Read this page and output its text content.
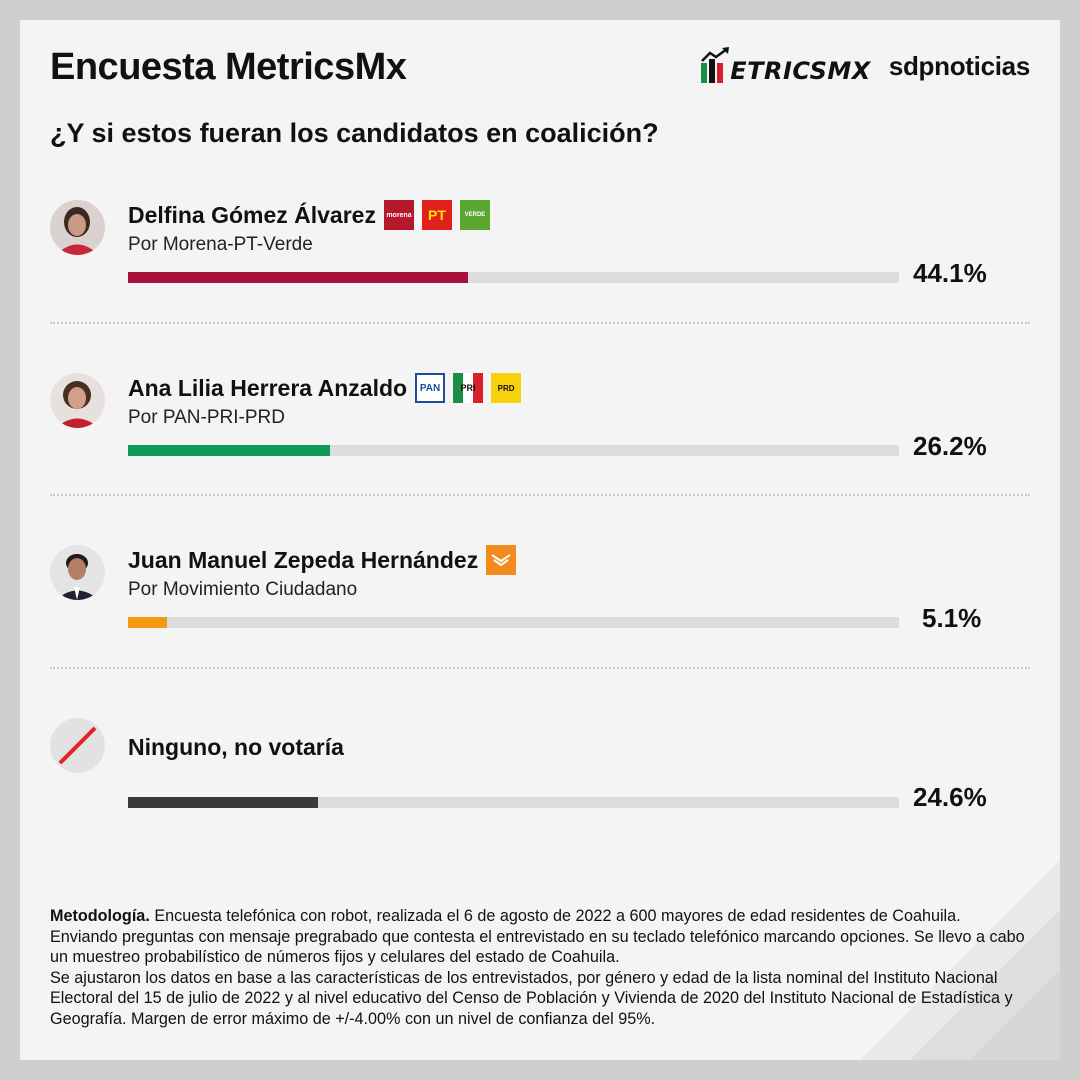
Encuesta MetricsMx	ETRICSMX sdpnoticias
¿Y si estos fueran los candidatos en coalición?
Delfina Gómez Álvarez	morena	PT	VERDE
Por Morena-PT-Verde
44.1%
Ana Lilia Herrera Anzaldo	PAN	PRI	PRD
Por PAN-PRI-PRD
26.2%
Juan Manuel Zepeda Hernández
Por Movimiento Ciudadano
5.1%
Ninguno, no votaría
24.6%
Metodología. Encuesta telefónica con robot, realizada el 6 de agosto de 2022 a 600 mayores de edad residentes de Coahuila. Enviando preguntas con mensaje pregrabado que contesta el entrevistado en su teclado telefónico marcando opciones. Se llevo a cabo un muestreo probabilístico de números fijos y celulares del estado de Coahuila.
Se ajustaron los datos en base a las características de los entrevistados, por género y edad de la lista nominal del Instituto Nacional Electoral del 15 de julio de 2022 y al nivel educativo del Censo de Población y Vivienda de 2020 del Instituto Nacional de Estadística y Geografía. Margen de error máximo de +/-4.00% con un nivel de confianza del 95%.
